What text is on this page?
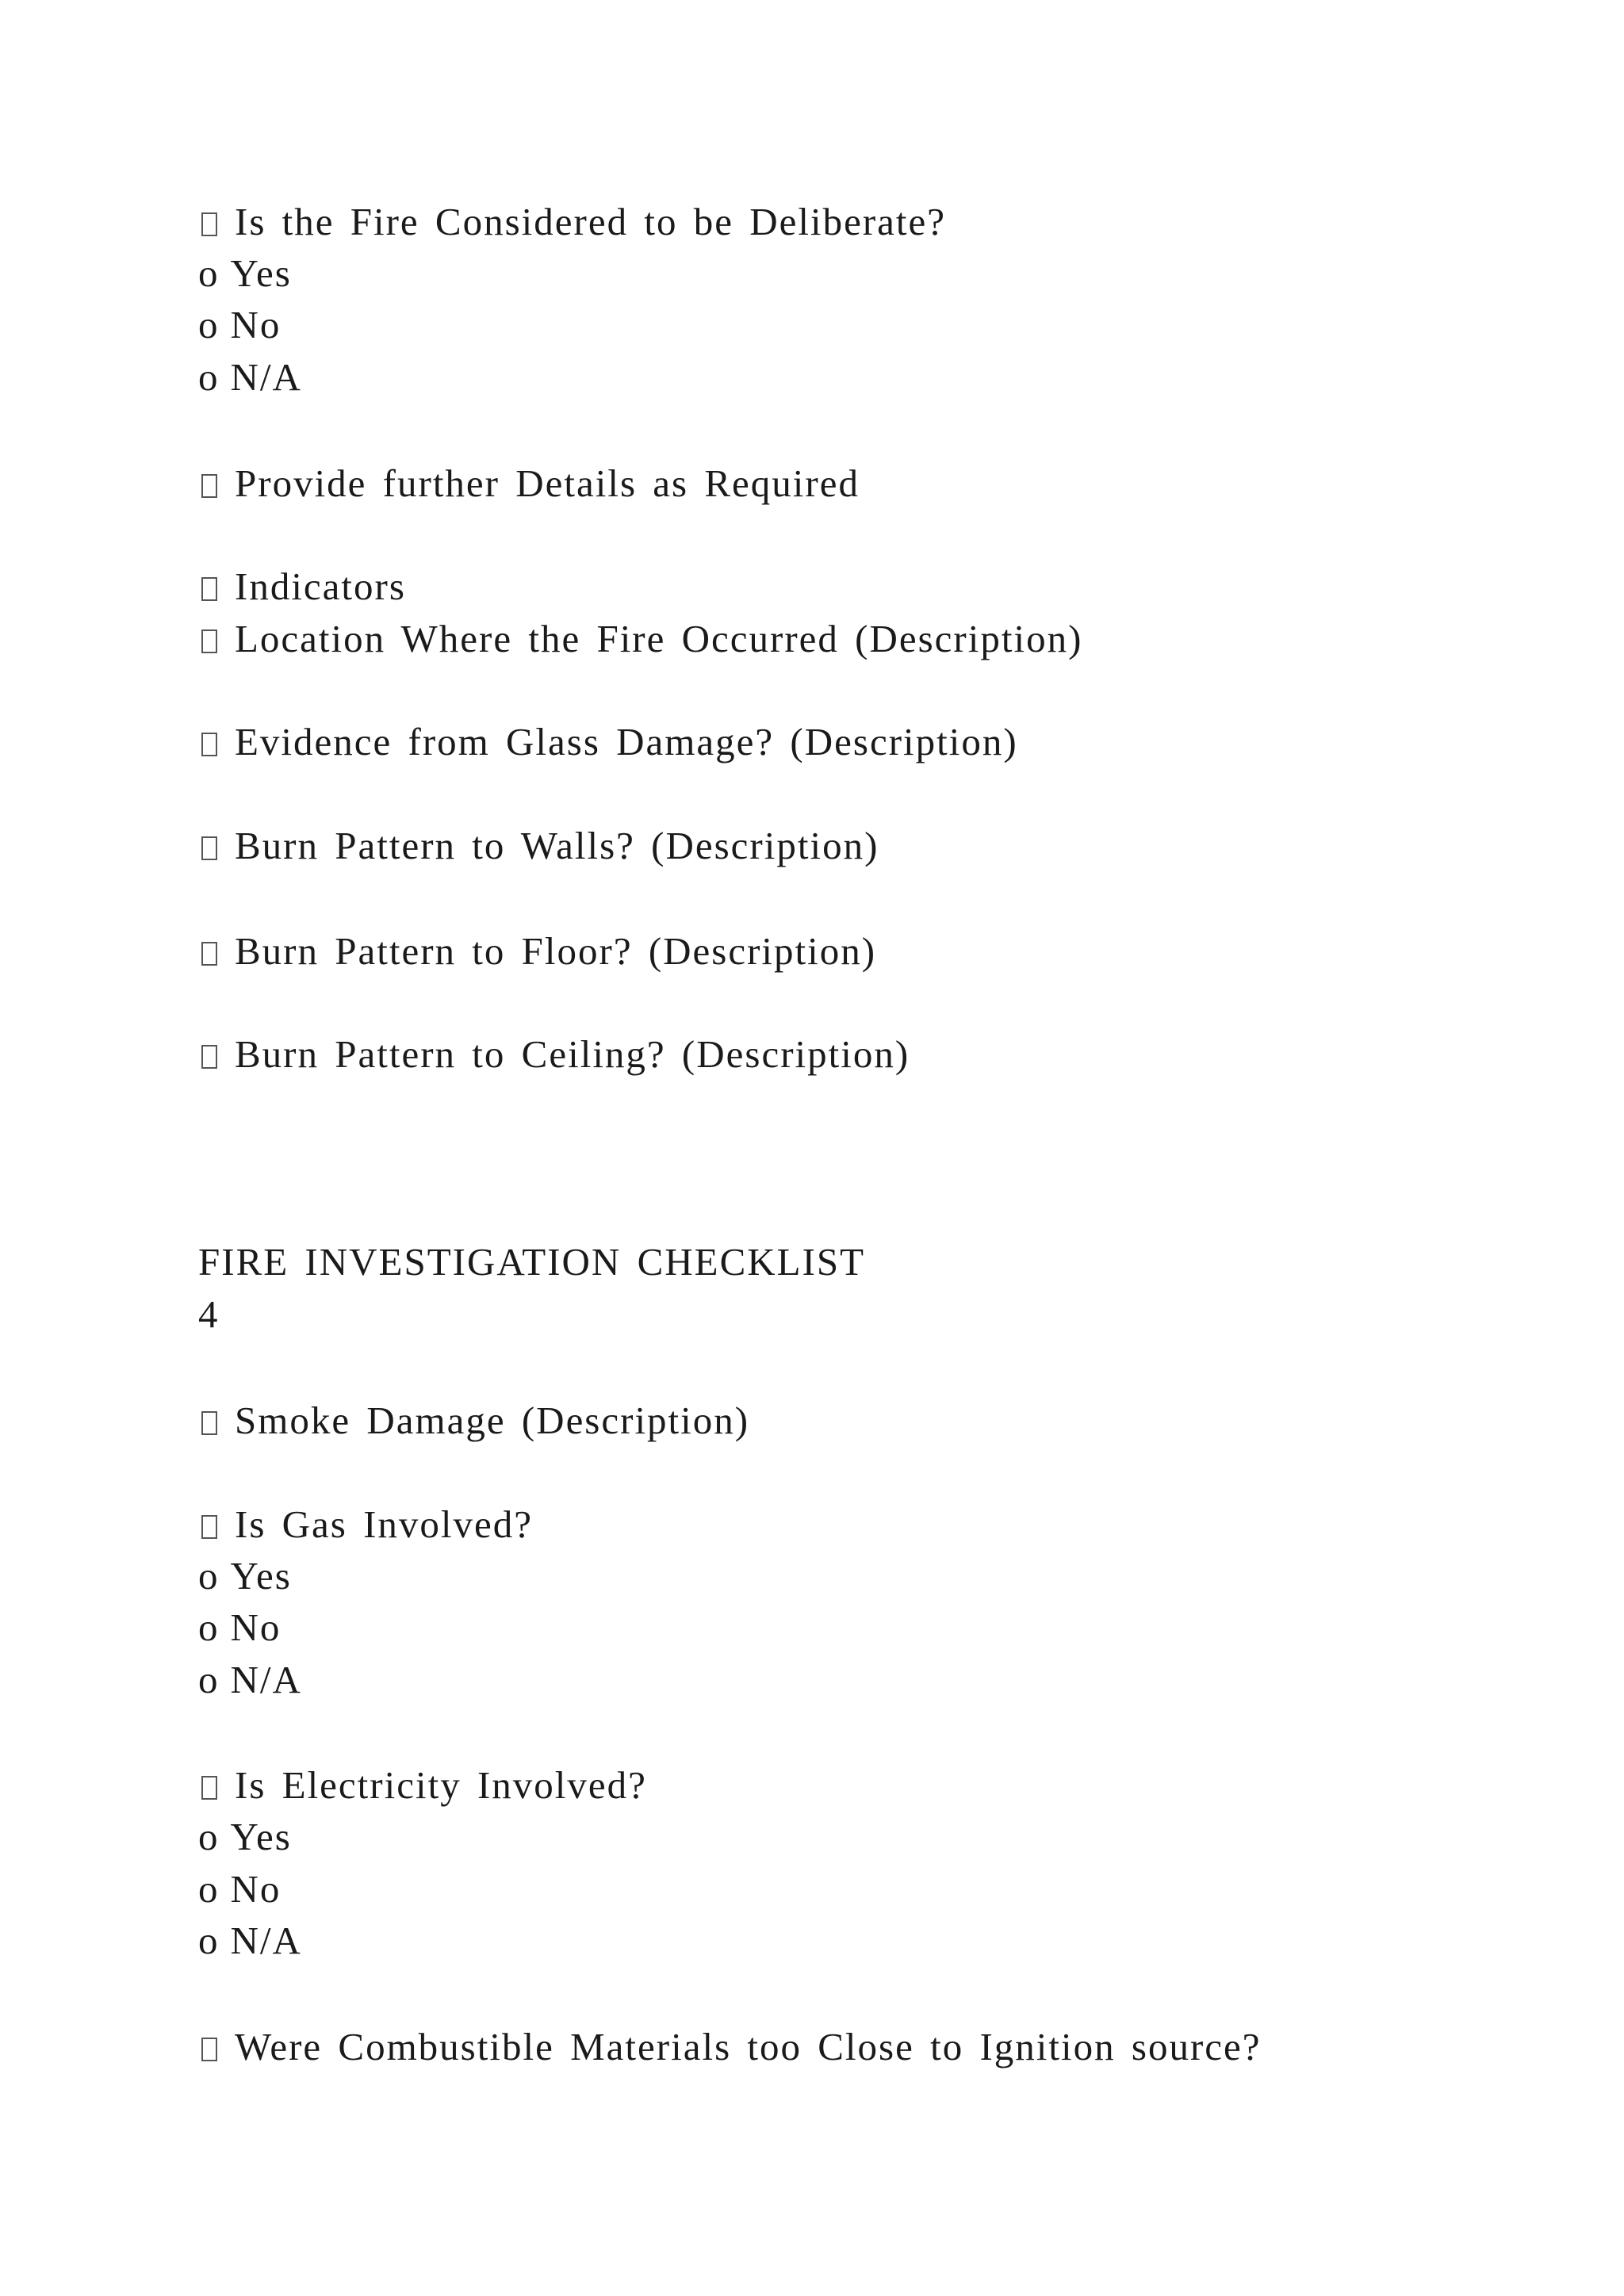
Is the Fire Considered to be Deliberate?
o Yes
o No
o N/A
Provide further Details as Required
Indicators
Location Where the Fire Occurred (Description)
Evidence from Glass Damage? (Description)
Burn Pattern to Walls? (Description)
Burn Pattern to Floor? (Description)
Burn Pattern to Ceiling? (Description)
FIRE INVESTIGATION CHECKLIST
4
Smoke Damage (Description)
Is Gas Involved?
o Yes
o No
o N/A
Is Electricity Involved?
o Yes
o No
o N/A
Were Combustible Materials too Close to Ignition source?
